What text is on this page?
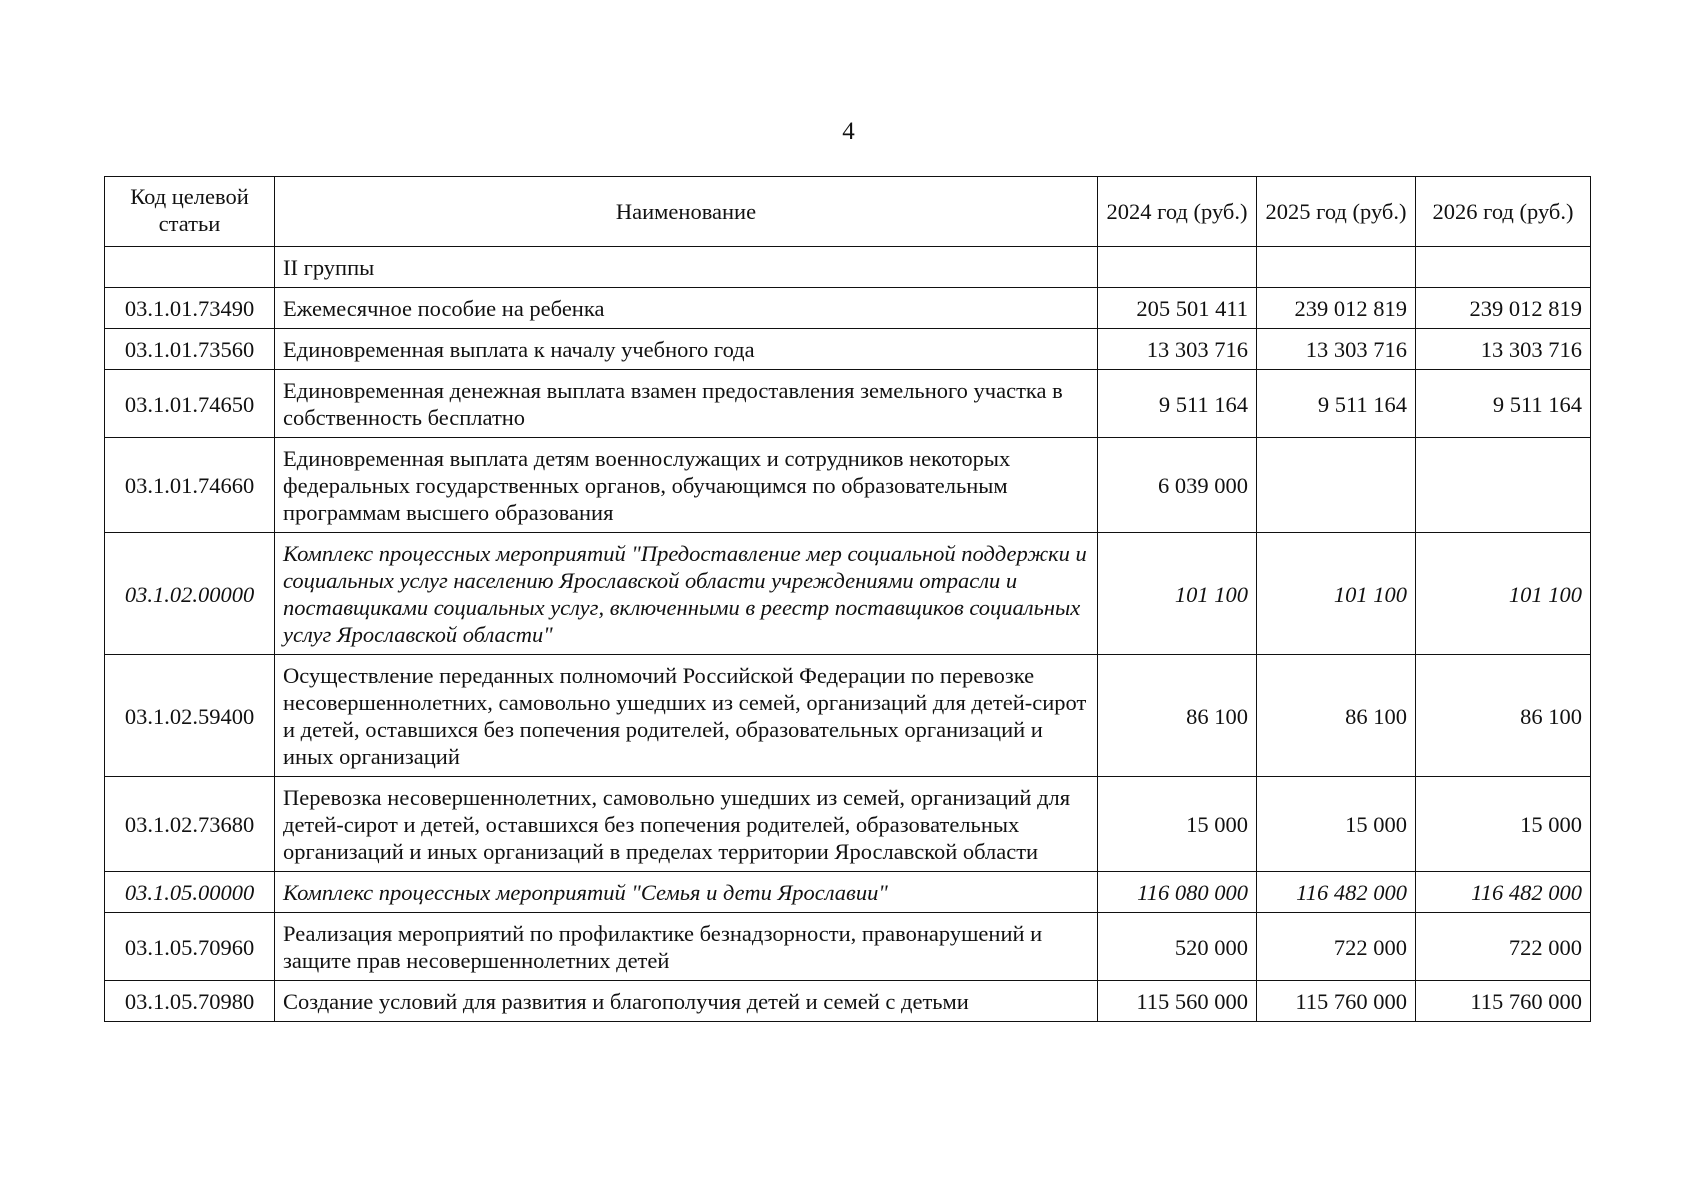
4
Код целевой статьи	Наименование	2024 год (руб.)	2025 год (руб.)	2026 год (руб.)
	II группы			
03.1.01.73490	Ежемесячное пособие на ребенка	205 501 411	239 012 819	239 012 819
03.1.01.73560	Единовременная выплата к началу учебного года	13 303 716	13 303 716	13 303 716
03.1.01.74650	Единовременная денежная выплата взамен предоставления земельного участка в собственность бесплатно	9 511 164	9 511 164	9 511 164
03.1.01.74660	Единовременная выплата детям военнослужащих и сотрудников некоторых федеральных государственных органов, обучающимся по образовательным программам высшего образования	6 039 000		
03.1.02.00000	Комплекс процессных мероприятий "Предоставление мер социальной поддержки и социальных услуг населению Ярославской области учреждениями отрасли и поставщиками социальных услуг, включенными в реестр поставщиков социальных услуг Ярославской области"	101 100	101 100	101 100
03.1.02.59400	Осуществление переданных полномочий Российской Федерации по перевозке несовершеннолетних, самовольно ушедших из семей, организаций для детей-сирот и детей, оставшихся без попечения родителей, образовательных организаций и иных организаций	86 100	86 100	86 100
03.1.02.73680	Перевозка несовершеннолетних, самовольно ушедших из семей, организаций для детей-сирот и детей, оставшихся без попечения родителей, образовательных организаций и иных организаций в пределах территории Ярославской области	15 000	15 000	15 000
03.1.05.00000	Комплекс процессных мероприятий "Семья и дети Ярославии"	116 080 000	116 482 000	116 482 000
03.1.05.70960	Реализация мероприятий по профилактике безнадзорности, правонарушений и защите прав несовершеннолетних детей	520 000	722 000	722 000
03.1.05.70980	Создание условий для развития и благополучия детей и семей с детьми	115 560 000	115 760 000	115 760 000
